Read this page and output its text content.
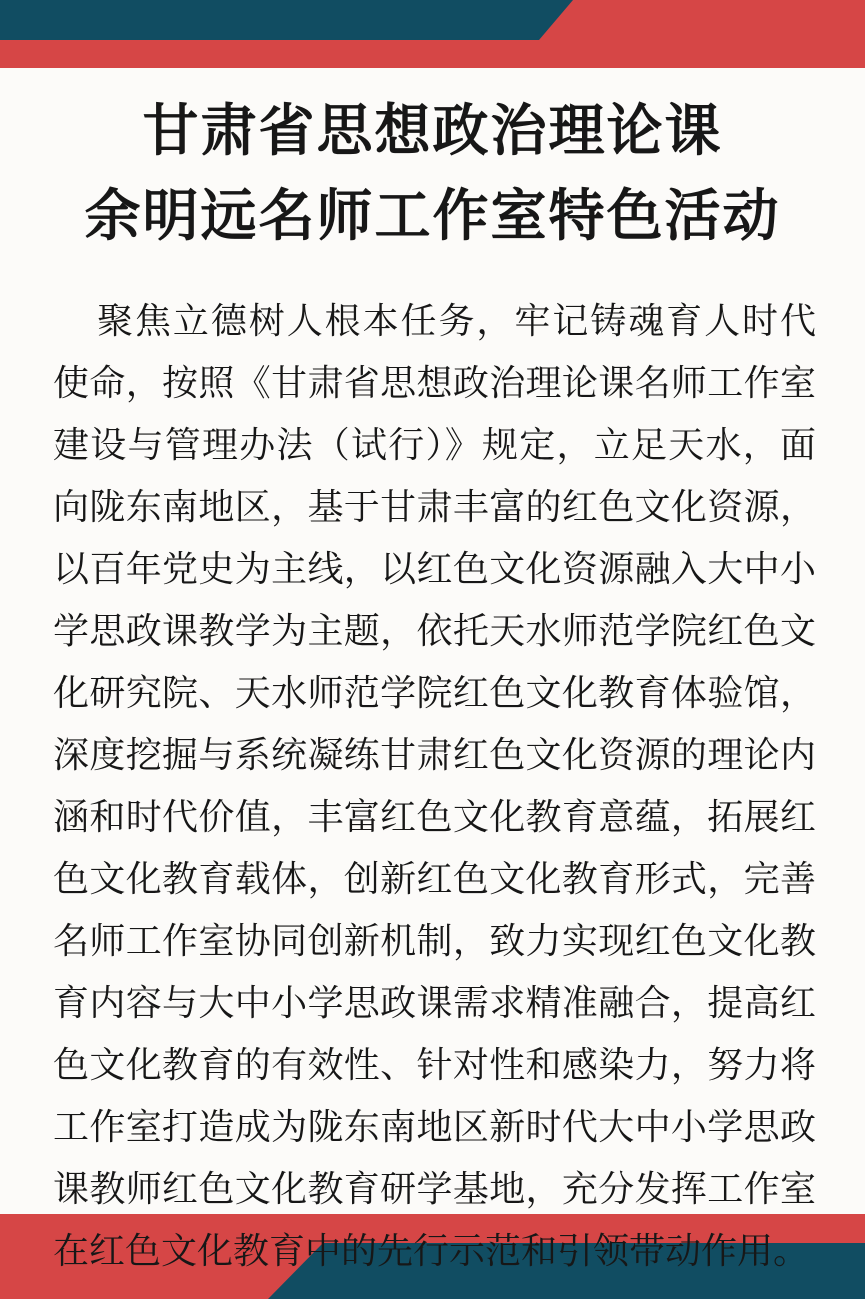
甘肃省思想政治理论课
余明远名师工作室特色活动

聚焦立德树人根本任务，牢记铸魂育人时代使命，按照《甘肃省思想政治理论课名师工作室建设与管理办法（试行）》规定，立足天水，面向陇东南地区，基于甘肃丰富的红色文化资源，以百年党史为主线，以红色文化资源融入大中小学思政课教学为主题，依托天水师范学院红色文化研究院、天水师范学院红色文化教育体验馆，深度挖掘与系统凝练甘肃红色文化资源的理论内涵和时代价值，丰富红色文化教育意蕴，拓展红色文化教育载体，创新红色文化教育形式，完善名师工作室协同创新机制，致力实现红色文化教育内容与大中小学思政课需求精准融合，提高红色文化教育的有效性、针对性和感染力，努力将工作室打造成为陇东南地区新时代大中小学思政课教师红色文化教育研学基地，充分发挥工作室在红色文化教育中的先行示范和引领带动作用。
